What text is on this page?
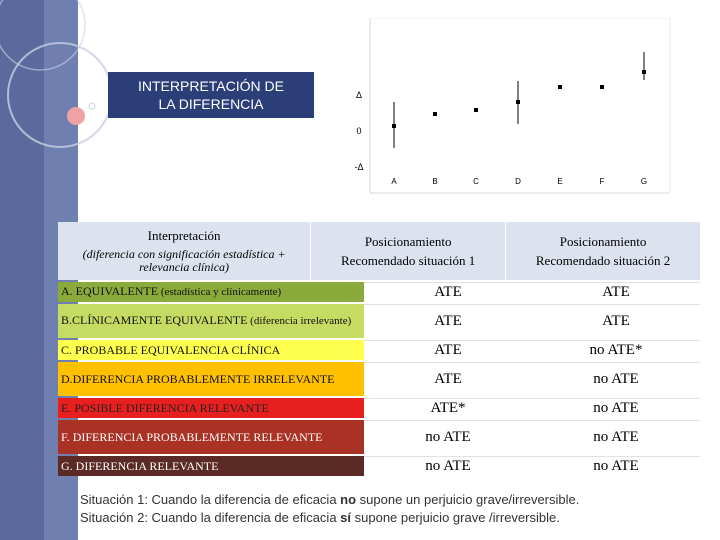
INTERPRETACIÓN DE
LA DIFERENCIA
Δ
0
-Δ
A	B	C	D	E	F	G
Interpretación
(diferencia con significación estadística + relevancia clínica)
Posicionamiento Recomendado situación 1
Posicionamiento Recomendado situación 2
A. EQUIVALENTE (estadística y clínicamente)	ATE	ATE
B.CLÍNICAMENTE EQUIVALENTE (diferencia irrelevante)	ATE	ATE
C. PROBABLE EQUIVALENCIA CLÍNICA	ATE	no ATE*
D.DIFERENCIA PROBABLEMENTE IRRELEVANTE	ATE	no ATE
E. POSIBLE DIFERENCIA RELEVANTE	ATE*	no ATE
F. DIFERENCIA PROBABLEMENTE RELEVANTE	no ATE	no ATE
G. DIFERENCIA RELEVANTE	no ATE	no ATE
Situación 1: Cuando la diferencia de eficacia no supone un perjuicio grave/irreversible.
Situación 2: Cuando la diferencia de eficacia sí supone perjuicio grave /irreversible.
